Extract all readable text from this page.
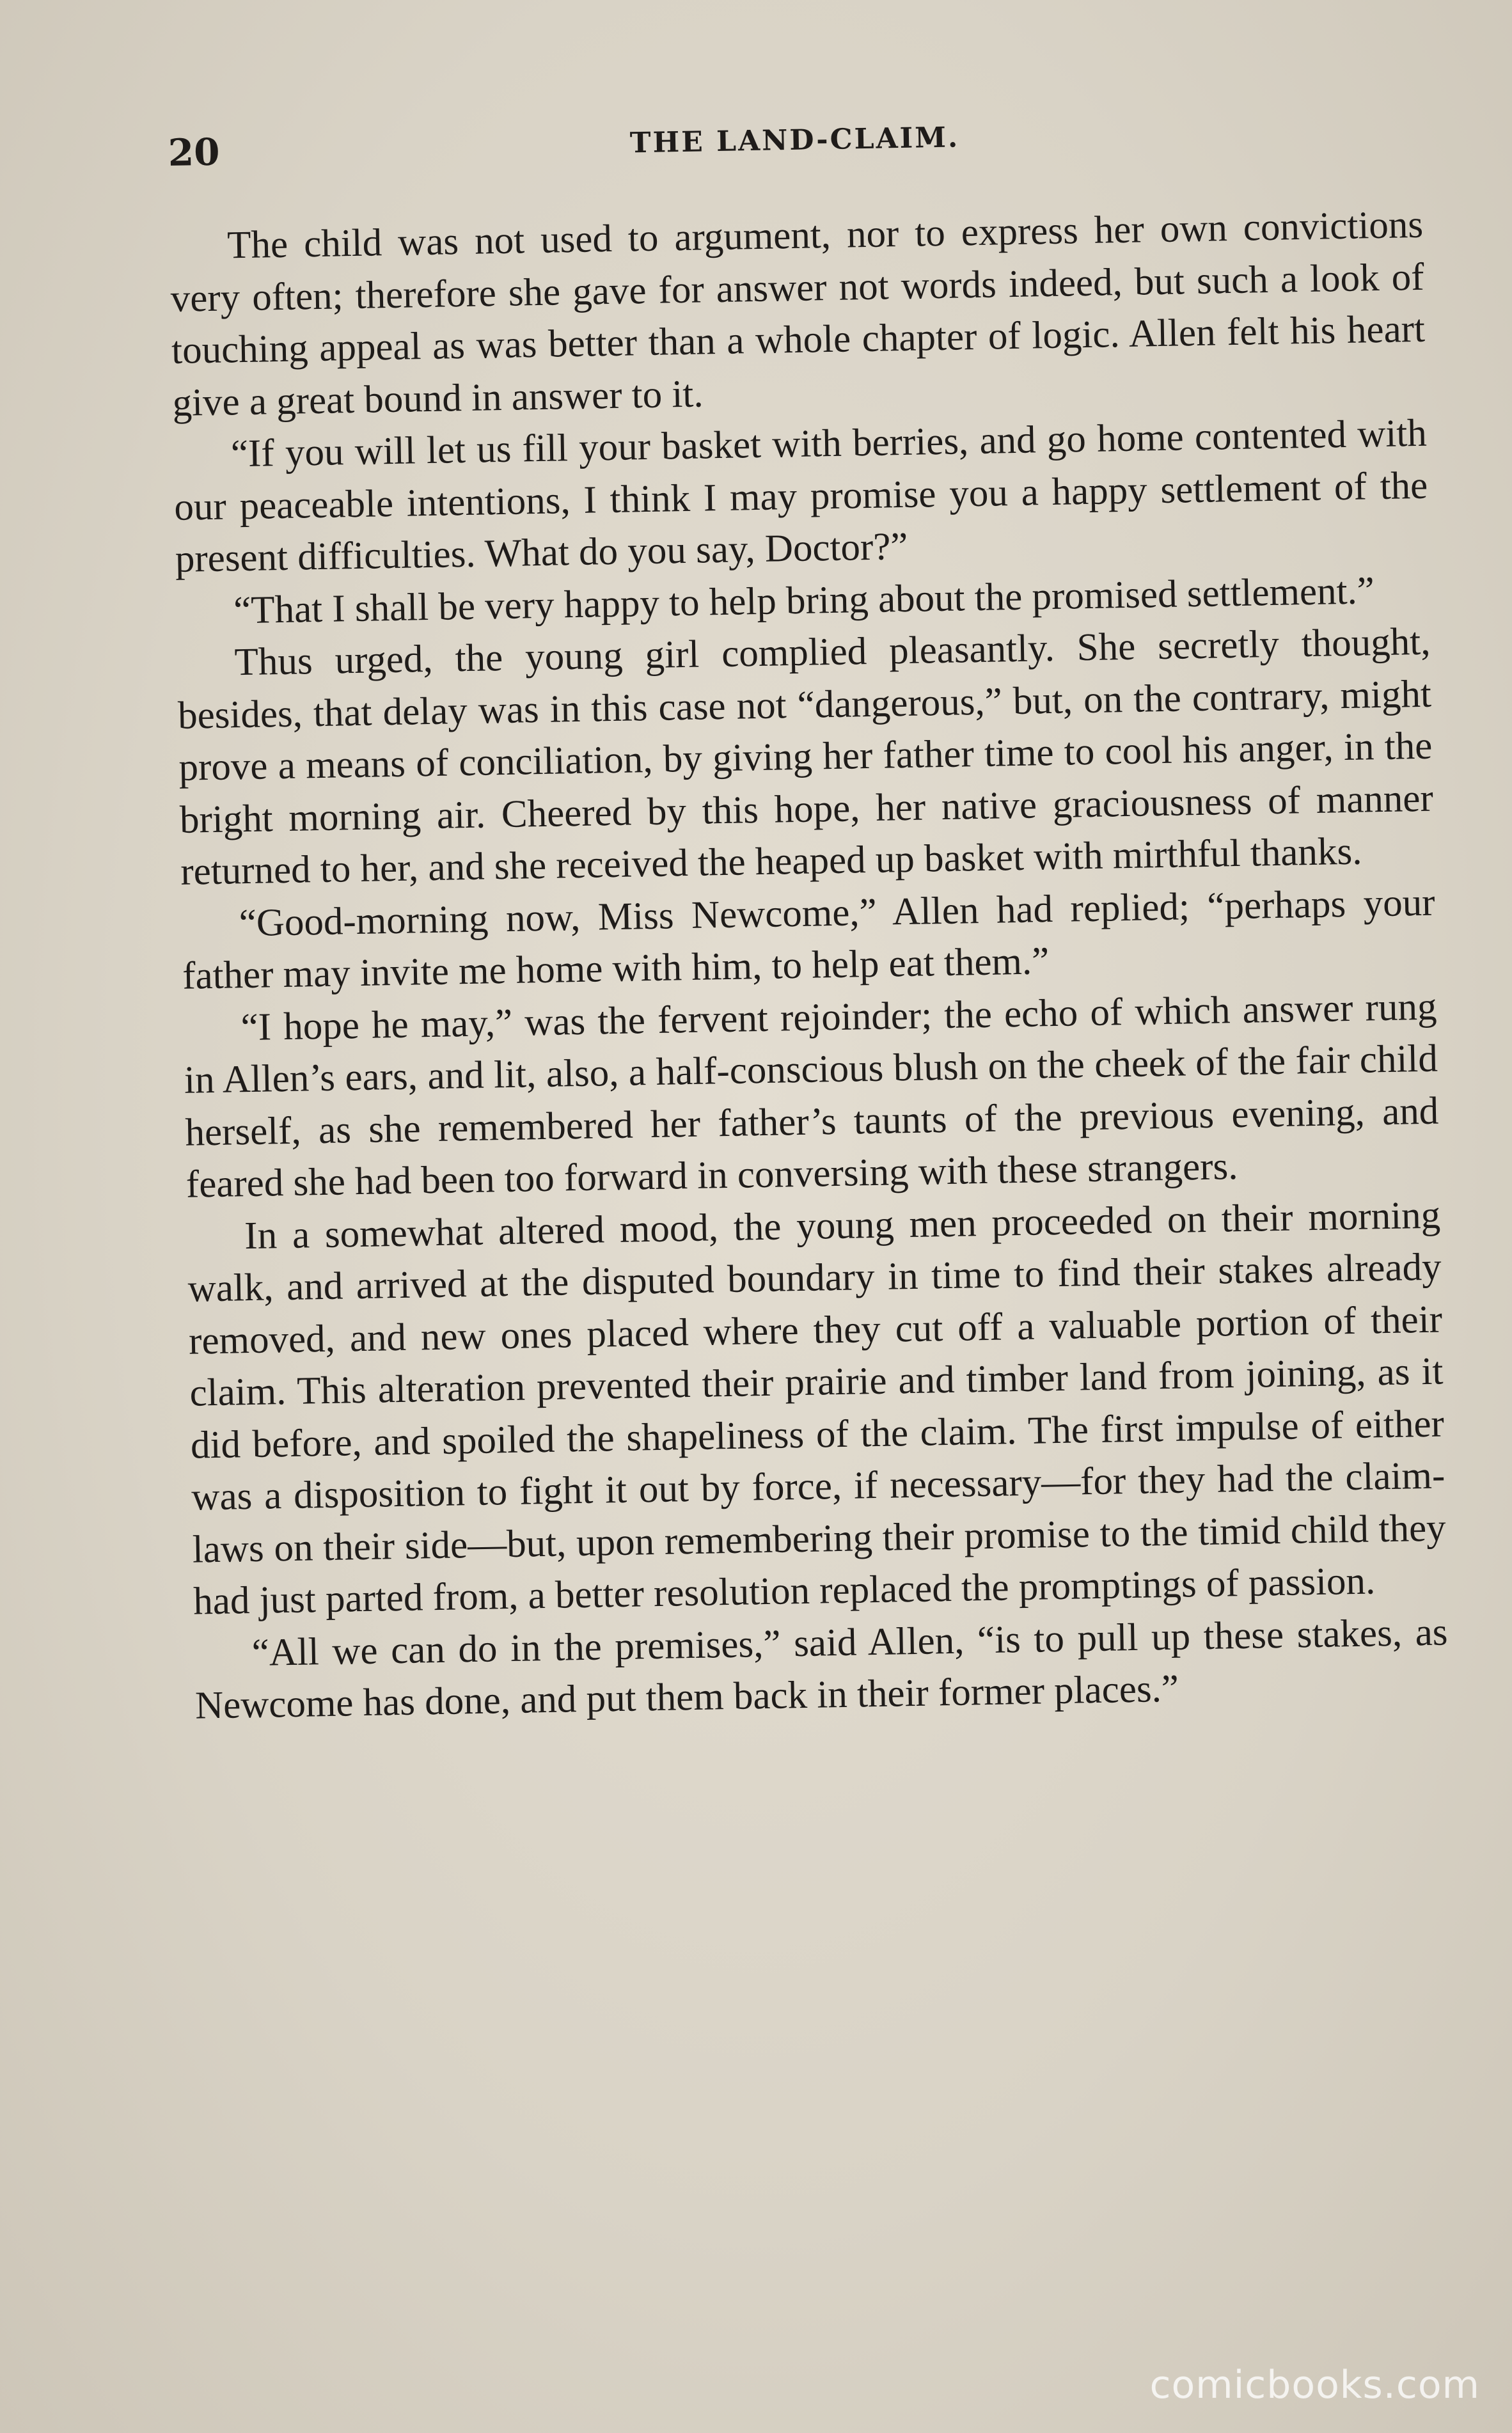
20	THE LAND-CLAIM.

The child was not used to argument, nor to express her own convictions very often; therefore she gave for answer not words indeed, but such a look of touching appeal as was better than a whole chapter of logic. Allen felt his heart give a great bound in answer to it.

“If you will let us fill your basket with berries, and go home contented with our peaceable intentions, I think I may promise you a happy settlement of the present difficulties. What do you say, Doctor?”

“That I shall be very happy to help bring about the promised settlement.”

Thus urged, the young girl complied pleasantly. She secretly thought, besides, that delay was in this case not “dangerous,” but, on the contrary, might prove a means of conciliation, by giving her father time to cool his anger, in the bright morning air. Cheered by this hope, her native graciousness of manner returned to her, and she received the heaped up basket with mirthful thanks.

“Good-morning now, Miss Newcome,” Allen had replied; “perhaps your father may invite me home with him, to help eat them.”

“I hope he may,” was the fervent rejoinder; the echo of which answer rung in Allen’s ears, and lit, also, a half-conscious blush on the cheek of the fair child herself, as she remembered her father’s taunts of the previous evening, and feared she had been too forward in conversing with these strangers.

In a somewhat altered mood, the young men proceeded on their morning walk, and arrived at the disputed boundary in time to find their stakes already removed, and new ones placed where they cut off a valuable portion of their claim. This alteration prevented their prairie and timber land from joining, as it did before, and spoiled the shapeliness of the claim. The first impulse of either was a disposition to fight it out by force, if necessary—for they had the claim-laws on their side—but, upon remembering their promise to the timid child they had just parted from, a better resolution replaced the promptings of passion.

“All we can do in the premises,” said Allen, “is to pull up these stakes, as Newcome has done, and put them back in their former places.”

comicbooks.com
